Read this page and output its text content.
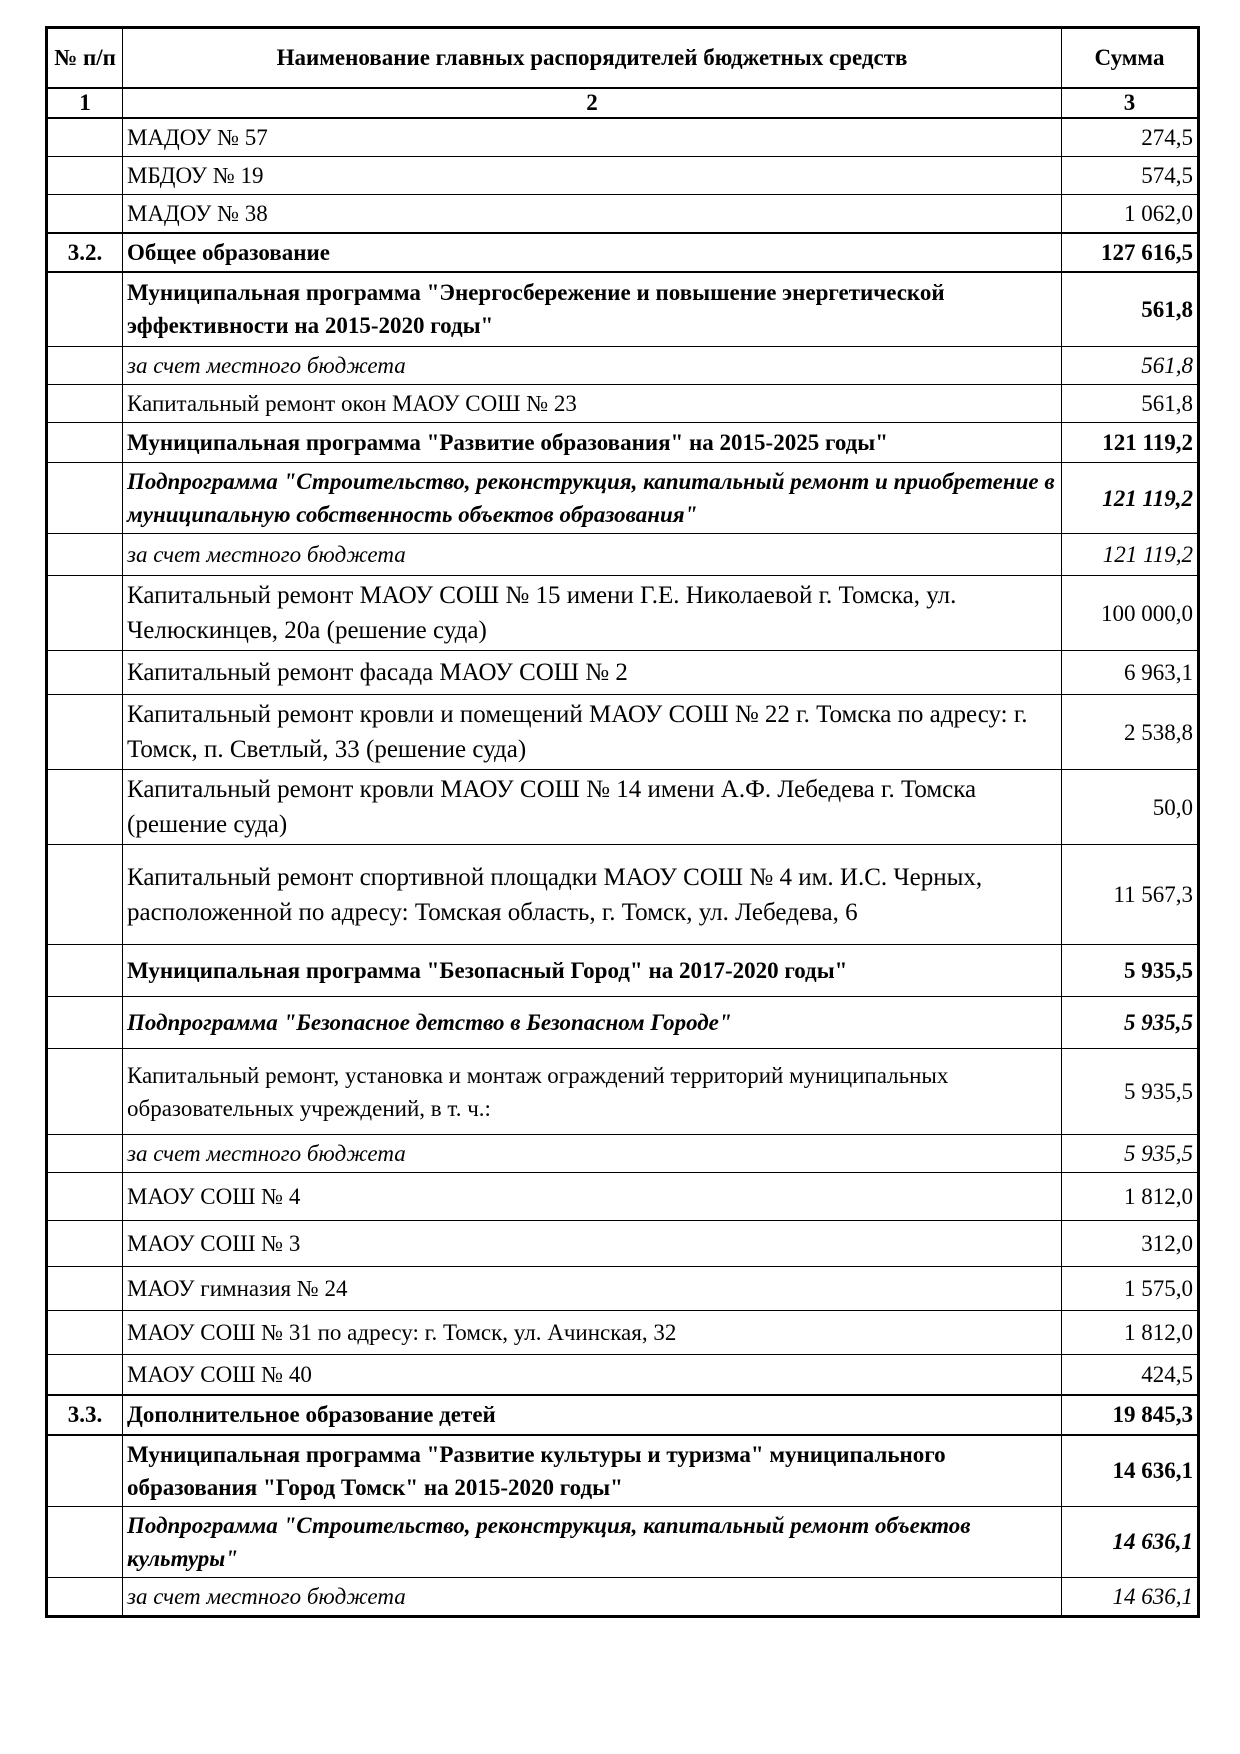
№ п/п	Наименование главных распорядителей бюджетных средств	Сумма
1	2	3
	МАДОУ № 57	274,5
	МБДОУ № 19	574,5
	МАДОУ № 38	1 062,0
3.2.	Общее образование	127 616,5
	Муниципальная программа "Энергосбережение и повышение энергетической эффективности на 2015-2020 годы"	561,8
	за счет местного бюджета	561,8
	Капитальный ремонт окон МАОУ СОШ № 23	561,8
	Муниципальная программа "Развитие образования" на 2015-2025 годы"	121 119,2
	Подпрограмма "Строительство, реконструкция, капитальный ремонт и приобретение в муниципальную собственность объектов образования"	121 119,2
	за счет местного бюджета	121 119,2
	Капитальный ремонт МАОУ СОШ № 15 имени Г.Е. Николаевой г. Томска, ул. Челюскинцев, 20а (решение суда)	100 000,0
	Капитальный ремонт фасада МАОУ СОШ № 2	6 963,1
	Капитальный ремонт кровли и помещений МАОУ СОШ № 22 г. Томска по адресу: г. Томск, п. Светлый, 33 (решение суда)	2 538,8
	Капитальный ремонт кровли МАОУ СОШ № 14 имени А.Ф. Лебедева г. Томска (решение суда)	50,0
	Капитальный ремонт спортивной площадки МАОУ СОШ № 4 им. И.С. Черных, расположенной по адресу: Томская область, г. Томск, ул. Лебедева, 6	11 567,3
	Муниципальная программа "Безопасный Город" на 2017-2020 годы"	5 935,5
	Подпрограмма "Безопасное детство в Безопасном Городе"	5 935,5
	Капитальный ремонт, установка и монтаж ограждений территорий муниципальных образовательных учреждений, в т. ч.:	5 935,5
	за счет местного бюджета	5 935,5
	МАОУ СОШ № 4	1 812,0
	МАОУ СОШ № 3	312,0
	МАОУ гимназия № 24	1 575,0
	МАОУ СОШ № 31 по адресу: г. Томск, ул. Ачинская, 32	1 812,0
	МАОУ СОШ № 40	424,5
3.3.	Дополнительное образование детей	19 845,3
	Муниципальная программа "Развитие культуры и туризма" муниципального образования "Город Томск" на 2015-2020 годы"	14 636,1
	Подпрограмма "Строительство, реконструкция, капитальный ремонт объектов культуры"	14 636,1
	за счет местного бюджета	14 636,1
